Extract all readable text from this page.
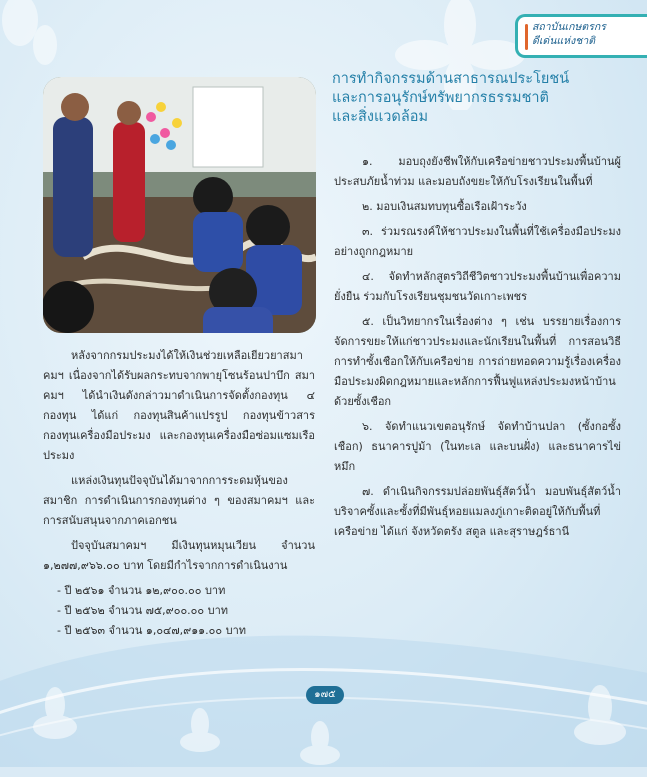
สถาบันเกษตรกร
ดีเด่นแห่งชาติ
การทำกิจกรรมด้านสาธารณประโยชน์
และการอนุรักษ์ทรัพยากรธรรมชาติ
และสิ่งแวดล้อม

๑. มอบถุงยังชีพให้กับเครือข่ายชาวประมงพื้นบ้านผู้ประสบภัยน้ำท่วม และมอบถังขยะให้กับโรงเรียนในพื้นที่

๒. มอบเงินสมทบทุนซื้อเรือเฝ้าระวัง

๓. ร่วมรณรงค์ให้ชาวประมงในพื้นที่ใช้เครื่องมือประมงอย่างถูกกฎหมาย

๔. จัดทำหลักสูตรวิถีชีวิตชาวประมงพื้นบ้านเพื่อความยั่งยืน ร่วมกับโรงเรียนชุมชนวัดเกาะเพชร

๕. เป็นวิทยากรในเรื่องต่าง ๆ เช่น บรรยายเรื่องการจัดการขยะให้แก่ชาวประมงและนักเรียนในพื้นที่ การสอนวิธีการทำซั้งเชือกให้กับเครือข่าย การถ่ายทอดความรู้เรื่องเครื่องมือประมงผิดกฎหมายและหลักการฟื้นฟูแหล่งประมงหน้าบ้านด้วยซั้งเชือก

๖. จัดทำแนวเขตอนุรักษ์ จัดทำบ้านปลา (ซั้งกอซั้งเชือก) ธนาคารปูม้า (ในทะเล และบนฝั่ง) และธนาคารไข่หมึก

๗. ดำเนินกิจกรรมปล่อยพันธุ์สัตว์น้ำ มอบพันธุ์สัตว์น้ำ บริจาคซั้งและซั้งที่มีพันธุ์หอยแมลงภู่เกาะติดอยู่ให้กับพื้นที่เครือข่าย ได้แก่ จังหวัดตรัง สตูล และสุราษฎร์ธานี

หลังจากกรมประมงได้ให้เงินช่วยเหลือเยียวยาสมาคมฯ เนื่องจากได้รับผลกระทบจากพายุโซนร้อนปาบึก สมาคมฯ ได้นำเงินดังกล่าวมาดำเนินการจัดตั้งกองทุน ๔ กองทุน ได้แก่ กองทุนสินค้าแปรรูป กองทุนข้าวสาร กองทุนเครื่องมือประมง และกองทุนเครื่องมือซ่อมแซมเรือประมง

แหล่งเงินทุนปัจจุบันได้มาจากการระดมหุ้นของสมาชิก การดำเนินการกองทุนต่าง ๆ ของสมาคมฯ และการสนับสนุนจากภาคเอกชน

ปัจจุบันสมาคมฯ มีเงินทุนหมุนเวียน จำนวน ๑,๒๗๗,๙๖๖.๐๐ บาท โดยมีกำไรจากการดำเนินงาน

- ปี ๒๕๖๑ จำนวน ๑๒,๙๐๐.๐๐ บาท

- ปี ๒๕๖๒ จำนวน ๗๕,๙๐๐.๐๐ บาท

- ปี ๒๕๖๓ จำนวน ๑,๐๔๗,๙๑๑.๐๐ บาท

๑๗๕
